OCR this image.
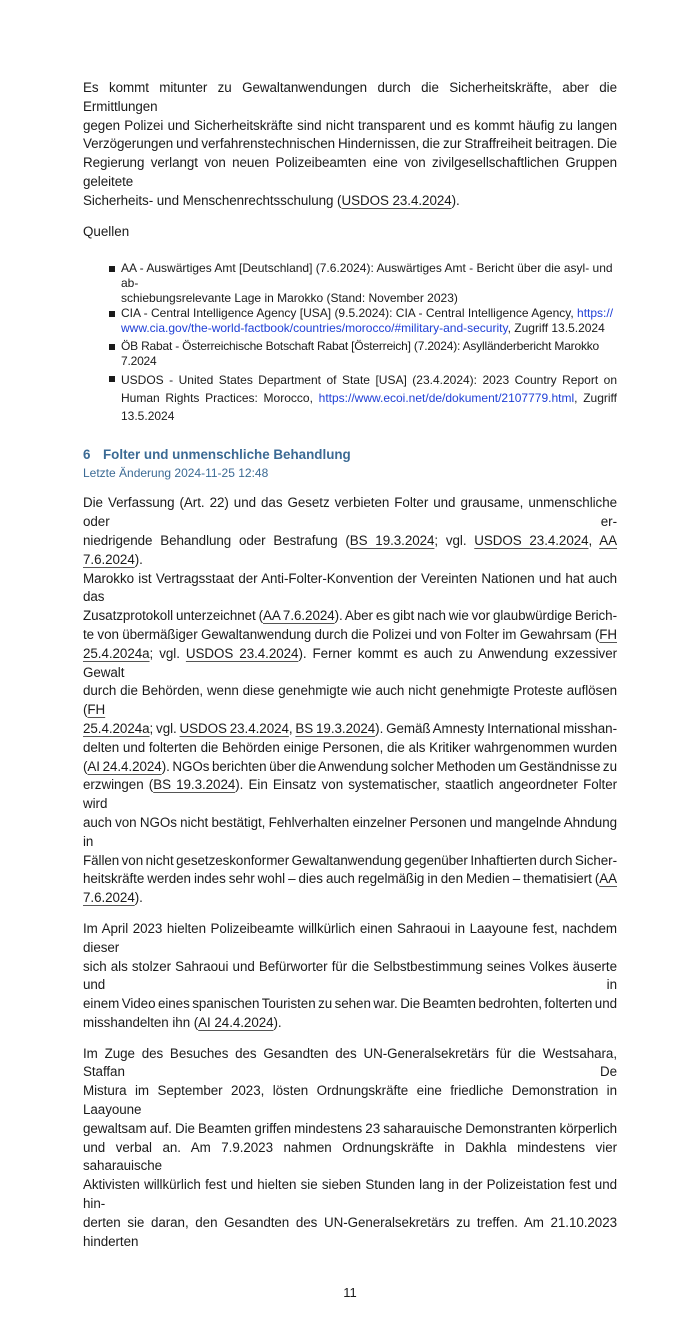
Es kommt mitunter zu Gewaltanwendungen durch die Sicherheitskräfte, aber die Ermittlungen
gegen Polizei und Sicherheitskräfte sind nicht transparent und es kommt häufig zu langen
Verzögerungen und verfahrenstechnischen Hindernissen, die zur Straffreiheit beitragen. Die
Regierung verlangt von neuen Polizeibeamten eine von zivilgesellschaftlichen Gruppen geleitete
Sicherheits- und Menschenrechtsschulung (USDOS 23.4.2024).
Quellen
AA - Auswärtiges Amt [Deutschland] (7.6.2024): Auswärtiges Amt - Bericht über die asyl- und ab-
schiebungsrelevante Lage in Marokko (Stand: November 2023)
CIA - Central Intelligence Agency [USA] (9.5.2024): CIA - Central Intelligence Agency, https://www.cia.gov/the-world-factbook/countries/morocco/#military-and-security, Zugriff 13.5.2024
ÖB Rabat - Österreichische Botschaft Rabat [Österreich] (7.2024): Asylländerbericht Marokko 7.2024
USDOS - United States Department of State [USA] (23.4.2024): 2023 Country Report on Human Rights Practices: Morocco, https://www.ecoi.net/de/dokument/2107779.html, Zugriff 13.5.2024
6 Folter und unmenschliche Behandlung
Letzte Änderung 2024-11-25 12:48
Die Verfassung (Art. 22) und das Gesetz verbieten Folter und grausame, unmenschliche oder er-
niedrigende Behandlung oder Bestrafung (BS 19.3.2024; vgl. USDOS 23.4.2024, AA 7.6.2024).
Marokko ist Vertragsstaat der Anti-Folter-Konvention der Vereinten Nationen und hat auch das
Zusatzprotokoll unterzeichnet (AA 7.6.2024). Aber es gibt nach wie vor glaubwürdige Berich-
te von übermäßiger Gewaltanwendung durch die Polizei und von Folter im Gewahrsam (FH
25.4.2024a; vgl. USDOS 23.4.2024). Ferner kommt es auch zu Anwendung exzessiver Gewalt
durch die Behörden, wenn diese genehmigte wie auch nicht genehmigte Proteste auflösen (FH
25.4.2024a; vgl. USDOS 23.4.2024, BS 19.3.2024). Gemäß Amnesty International misshan-
delten und folterten die Behörden einige Personen, die als Kritiker wahrgenommen wurden
(AI 24.4.2024). NGOs berichten über die Anwendung solcher Methoden um Geständnisse zu
erzwingen (BS 19.3.2024). Ein Einsatz von systematischer, staatlich angeordneter Folter wird
auch von NGOs nicht bestätigt, Fehlverhalten einzelner Personen und mangelnde Ahndung in
Fällen von nicht gesetzeskonformer Gewaltanwendung gegenüber Inhaftierten durch Sicher-
heitskräfte werden indes sehr wohl – dies auch regelmäßig in den Medien – thematisiert (AA
7.6.2024).
Im April 2023 hielten Polizeibeamte willkürlich einen Sahraoui in Laayoune fest, nachdem dieser
sich als stolzer Sahraoui und Befürworter für die Selbstbestimmung seines Volkes äuserte und in
einem Video eines spanischen Touristen zu sehen war. Die Beamten bedrohten, folterten und
misshandelten ihn (AI 24.4.2024).
Im Zuge des Besuches des Gesandten des UN-Generalsekretärs für die Westsahara, Staffan De
Mistura im September 2023, lösten Ordnungskräfte eine friedliche Demonstration in Laayoune
gewaltsam auf. Die Beamten griffen mindestens 23 saharauische Demonstranten körperlich
und verbal an. Am 7.9.2023 nahmen Ordnungskräfte in Dakhla mindestens vier saharauische
Aktivisten willkürlich fest und hielten sie sieben Stunden lang in der Polizeistation fest und hin-
derten sie daran, den Gesandten des UN-Generalsekretärs zu treffen. Am 21.10.2023 hinderten
11
